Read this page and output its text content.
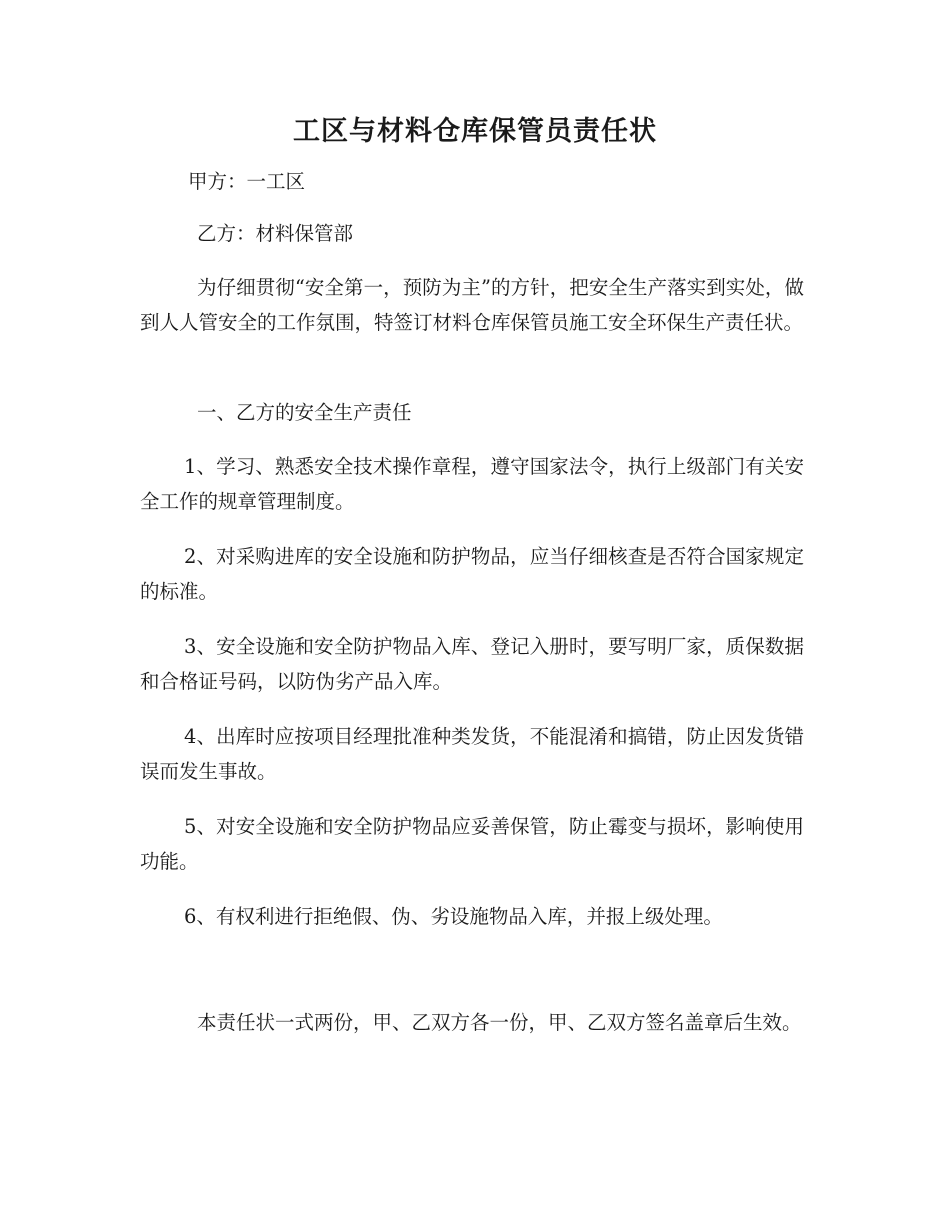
工区与材料仓库保管员责任状

甲方：一工区

乙方：材料保管部

为仔细贯彻“安全第一，预防为主”的方针，把安全生产落实到实处，做到人人管安全的工作氛围，特签订材料仓库保管员施工安全环保生产责任状。

一、乙方的安全生产责任

1、学习、熟悉安全技术操作章程，遵守国家法令，执行上级部门有关安全工作的规章管理制度。

2、对采购进库的安全设施和防护物品，应当仔细核查是否符合国家规定的标准。

3、安全设施和安全防护物品入库、登记入册时，要写明厂家，质保数据和合格证号码，以防伪劣产品入库。

4、出库时应按项目经理批准种类发货，不能混淆和搞错，防止因发货错误而发生事故。

5、对安全设施和安全防护物品应妥善保管，防止霉变与损坏，影响使用功能。

6、有权利进行拒绝假、伪、劣设施物品入库，并报上级处理。

本责任状一式两份，甲、乙双方各一份，甲、乙双方签名盖章后生效。
